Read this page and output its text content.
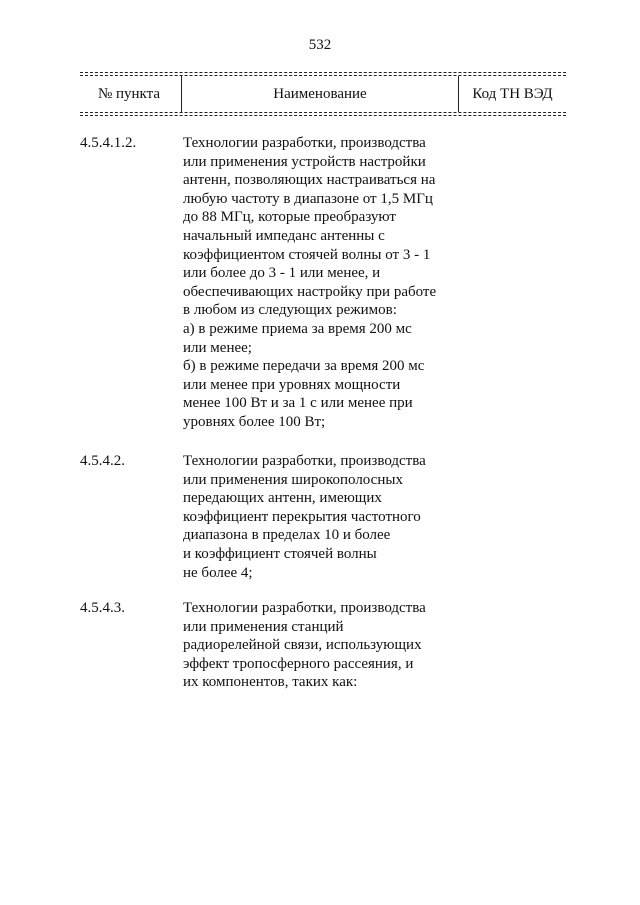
532
№ пункта	Наименование	Код ТН ВЭД
4.5.4.1.2.	Технологии разработки, производства
или применения устройств настройки
антенн, позволяющих настраиваться на
любую частоту в диапазоне от 1,5 МГц
до 88 МГц, которые преобразуют
начальный импеданс антенны с
коэффициентом стоячей волны от 3 - 1
или более до 3 - 1 или менее, и
обеспечивающих настройку при работе
в любом из следующих режимов:
а) в режиме приема за время 200 мс
или менее;
б) в режиме передачи за время 200 мс
или менее при уровнях мощности
менее 100 Вт и за 1 с или менее при
уровнях более 100 Вт;
4.5.4.2.	Технологии разработки, производства
или применения широкополосных
передающих антенн, имеющих
коэффициент перекрытия частотного
диапазона в пределах 10 и более
и коэффициент стоячей волны
не более 4;
4.5.4.3.	Технологии разработки, производства
или применения станций
радиорелейной связи, использующих
эффект тропосферного рассеяния, и
их компонентов, таких как:
